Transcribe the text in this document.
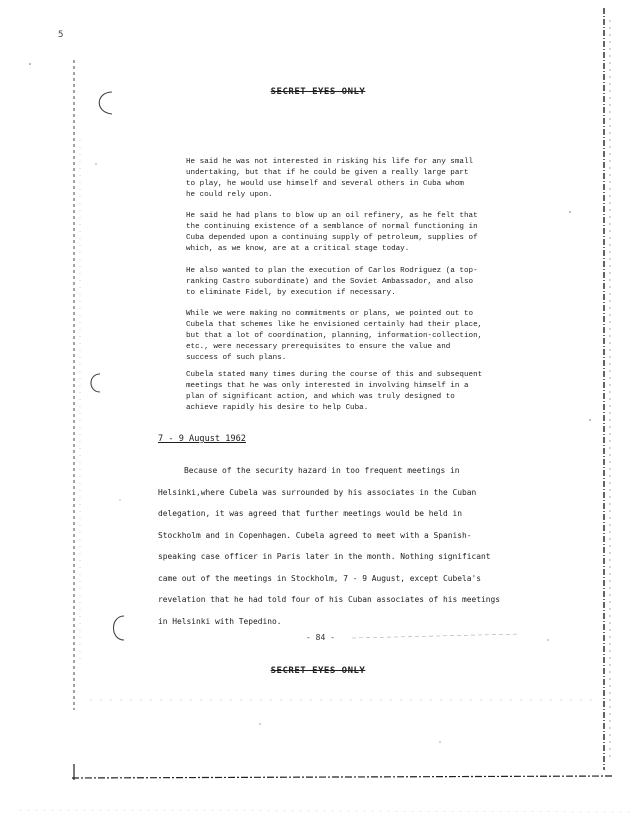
5
SECRET EYES ONLY
He said he was not interested in risking his life for any small
undertaking, but that if he could be given a really large part
to play, he would use himself and several others in Cuba whom
he could rely upon.
He said he had plans to blow up an oil refinery, as he felt that
the continuing existence of a semblance of normal functioning in
Cuba depended upon a continuing supply of petroleum, supplies of
which, as we know, are at a critical stage today.
He also wanted to plan the execution of Carlos Rodriguez (a top-
ranking Castro subordinate) and the Soviet Ambassador, and also
to eliminate Fidel, by execution if necessary.
While we were making no commitments or plans, we pointed out to
Cubela that schemes like he envisioned certainly had their place,
but that a lot of coordination, planning, information-collection,
etc., were necessary prerequisites to ensure the value and
success of such plans.
Cubela stated many times during the course of this and subsequent
meetings that he was only interested in involving himself in a
plan of significant action, and which was truly designed to
achieve rapidly his desire to help Cuba.
7 - 9 August 1962
Because of the security hazard in too frequent meetings in
Helsinki,where Cubela was surrounded by his associates in the Cuban
delegation, it was agreed that further meetings would be held in
Stockholm and in Copenhagen. Cubela agreed to meet with a Spanish-
speaking case officer in Paris later in the month. Nothing significant
came out of the meetings in Stockholm, 7 - 9 August, except Cubela's
revelation that he had told four of his Cuban associates of his meetings
in Helsinki with Tepedino.
- 84 -
SECRET EYES ONLY
